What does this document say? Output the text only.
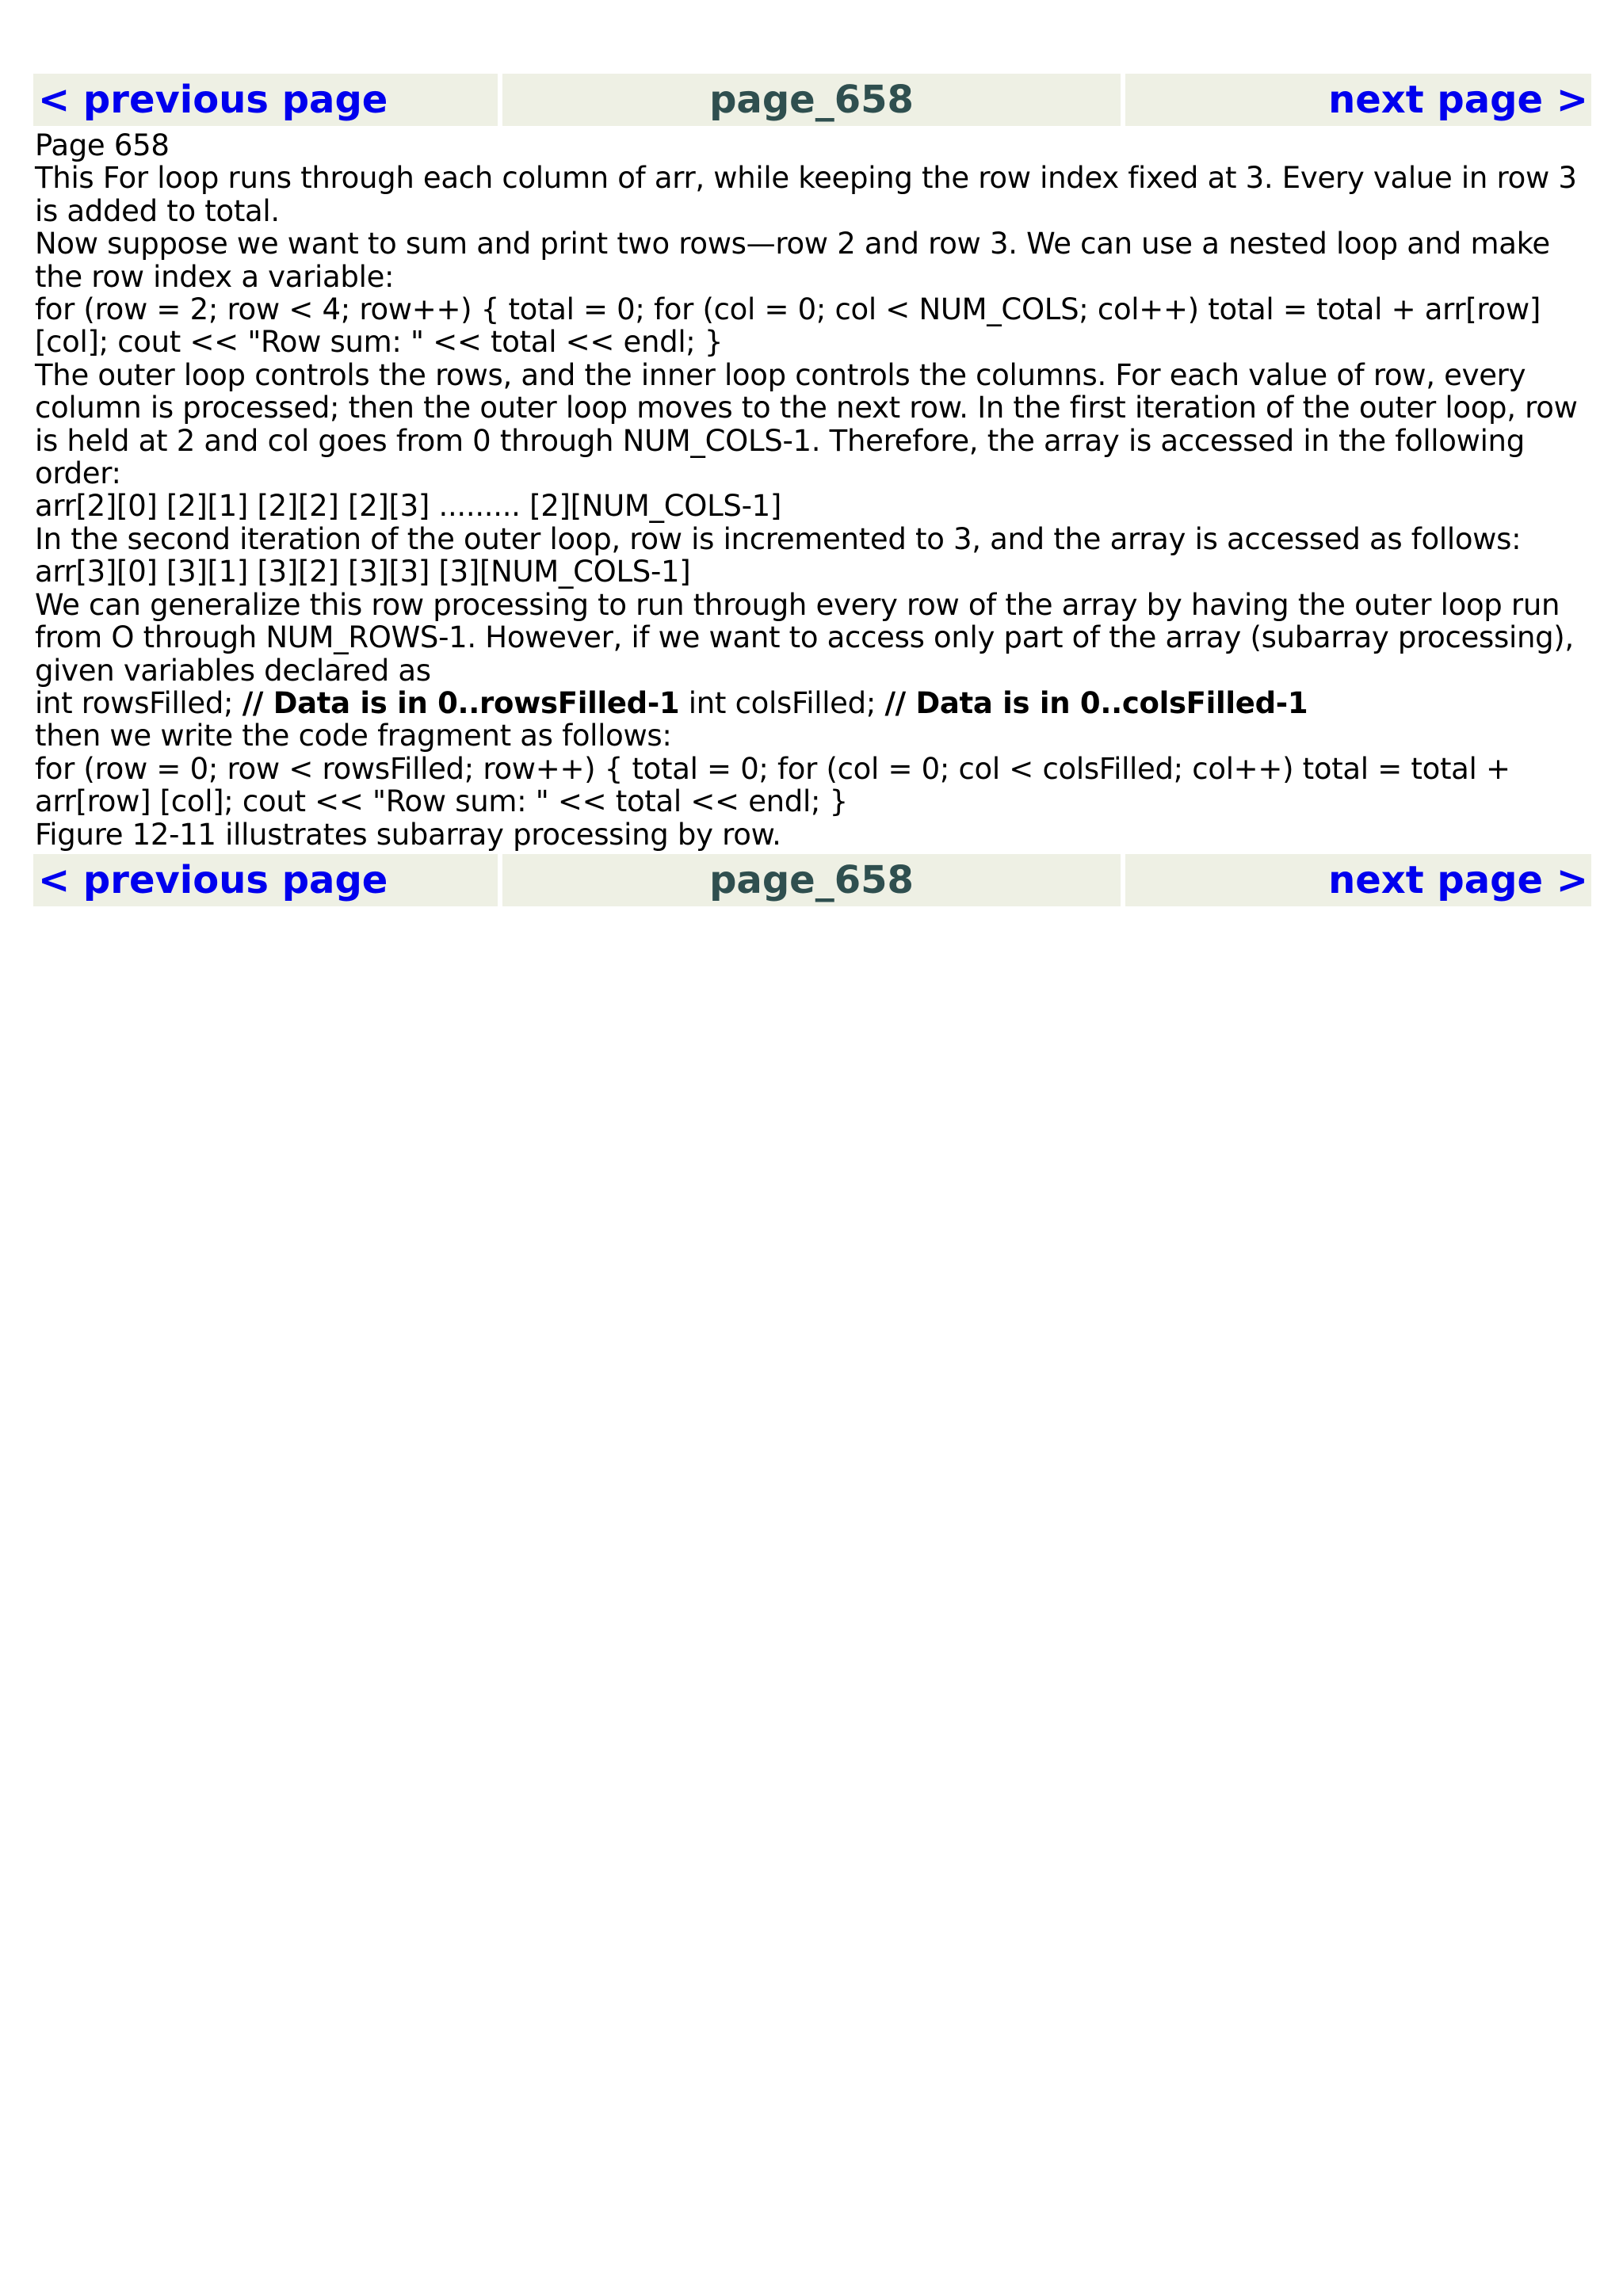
< previous page	page_658	next page >

Page 658

This For loop runs through each column of arr, while keeping the row index fixed at 3. Every value in row 3 is added to total.

Now suppose we want to sum and print two rows—row 2 and row 3. We can use a nested loop and make the row index a variable:

for (row = 2; row < 4; row++) { total = 0; for (col = 0; col < NUM_COLS; col++) total = total + arr[row] [col]; cout << "Row sum: " << total << endl; }

The outer loop controls the rows, and the inner loop controls the columns. For each value of row, every column is processed; then the outer loop moves to the next row. In the first iteration of the outer loop, row is held at 2 and col goes from 0 through NUM_COLS-1. Therefore, the array is accessed in the following order:

arr[2][0] [2][1] [2][2] [2][3] ......... [2][NUM_COLS-1]

In the second iteration of the outer loop, row is incremented to 3, and the array is accessed as follows:

arr[3][0] [3][1] [3][2] [3][3] [3][NUM_COLS-1]

We can generalize this row processing to run through every row of the array by having the outer loop run from O through NUM_ROWS-1. However, if we want to access only part of the array (subarray processing), given variables declared as

int rowsFilled; // Data is in 0..rowsFilled-1 int colsFilled; // Data is in 0..colsFilled-1

then we write the code fragment as follows:

for (row = 0; row < rowsFilled; row++) { total = 0; for (col = 0; col < colsFilled; col++) total = total + arr[row] [col]; cout << "Row sum: " << total << endl; }

Figure 12-11 illustrates subarray processing by row.

< previous page	page_658	next page >
